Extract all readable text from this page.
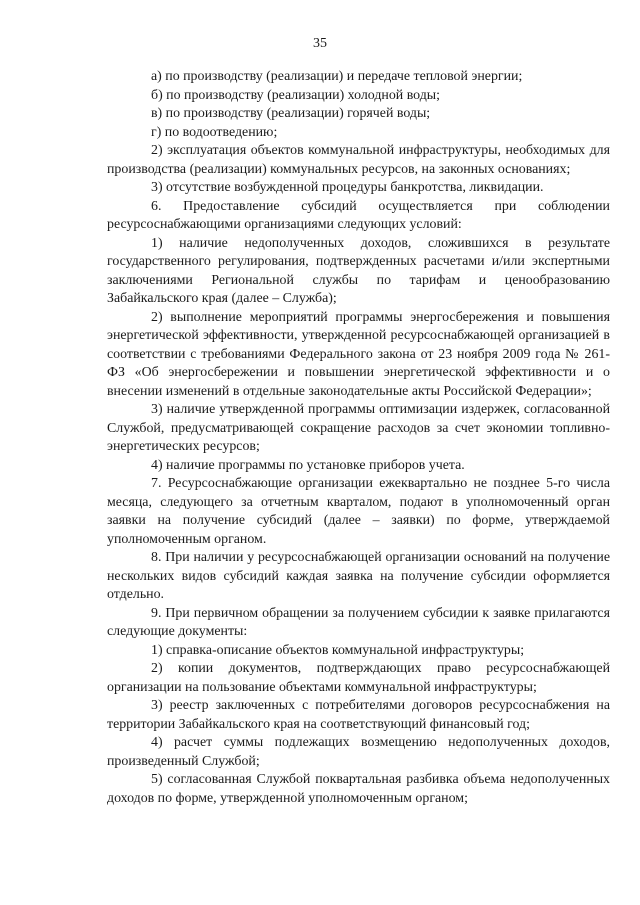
35

а) по производству (реализации) и передаче тепловой энергии;

б) по производству (реализации) холодной воды;

в) по производству (реализации) горячей воды;

г) по водоотведению;

2) эксплуатация объектов коммунальной инфраструктуры, необходимых для производства (реализации) коммунальных ресурсов, на законных основаниях;

3) отсутствие возбужденной процедуры банкротства, ликвидации.

6. Предоставление субсидий осуществляется при соблюдении ресурсоснабжающими организациями следующих условий:

1) наличие недополученных доходов, сложившихся в результате государственного регулирования, подтвержденных расчетами и/или экспертными заключениями Региональной службы по тарифам и ценообразованию Забайкальского края (далее – Служба);

2) выполнение мероприятий программы энергосбережения и повышения энергетической эффективности, утвержденной ресурсоснабжающей организацией в соответствии с требованиями Федерального закона от 23 ноября 2009 года № 261-ФЗ «Об энергосбережении и повышении энергетической эффективности и о внесении изменений в отдельные законодательные акты Российской Федерации»;

3) наличие утвержденной программы оптимизации издержек, согласованной Службой, предусматривающей сокращение расходов за счет экономии топливно-энергетических ресурсов;

4) наличие программы по установке приборов учета.

7. Ресурсоснабжающие организации ежеквартально не позднее 5-го числа месяца, следующего за отчетным кварталом, подают в уполномоченный орган заявки на получение субсидий (далее – заявки) по форме, утверждаемой уполномоченным органом.

8. При наличии у ресурсоснабжающей организации оснований на получение нескольких видов субсидий каждая заявка на получение субсидии оформляется отдельно.

9. При первичном обращении за получением субсидии к заявке прилагаются следующие документы:

1) справка-описание объектов коммунальной инфраструктуры;

2) копии документов, подтверждающих право ресурсоснабжающей организации на пользование объектами коммунальной инфраструктуры;

3) реестр заключенных с потребителями договоров ресурсоснабжения на территории Забайкальского края на соответствующий финансовый год;

4) расчет суммы подлежащих возмещению недополученных доходов, произведенный Службой;

5) согласованная Службой поквартальная разбивка объема недополученных доходов по форме, утвержденной уполномоченным органом;
